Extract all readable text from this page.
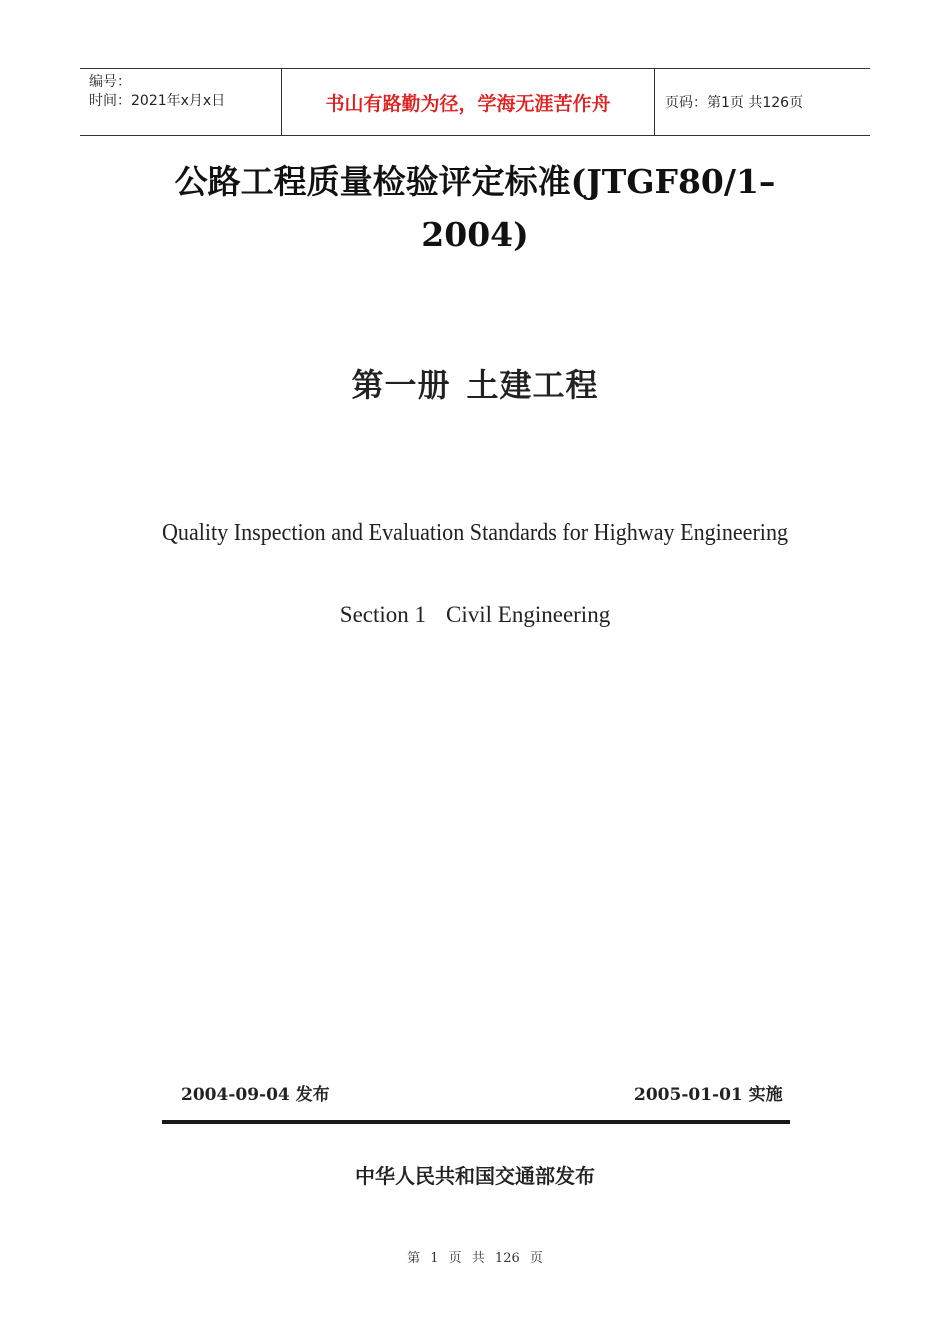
编号：
时间：2021年x月x日	书山有路勤为径，学海无涯苦作舟	页码：第1页 共126页
公路工程质量检验评定标准(JTGF80/1–
2004)
第一册 土建工程
Quality Inspection and Evaluation Standards for Highway Engineering
Section 1 Civil Engineering
2004-09-04 发布	2005-01-01 实施
中华人民共和国交通部发布
第 1 页 共 126 页
